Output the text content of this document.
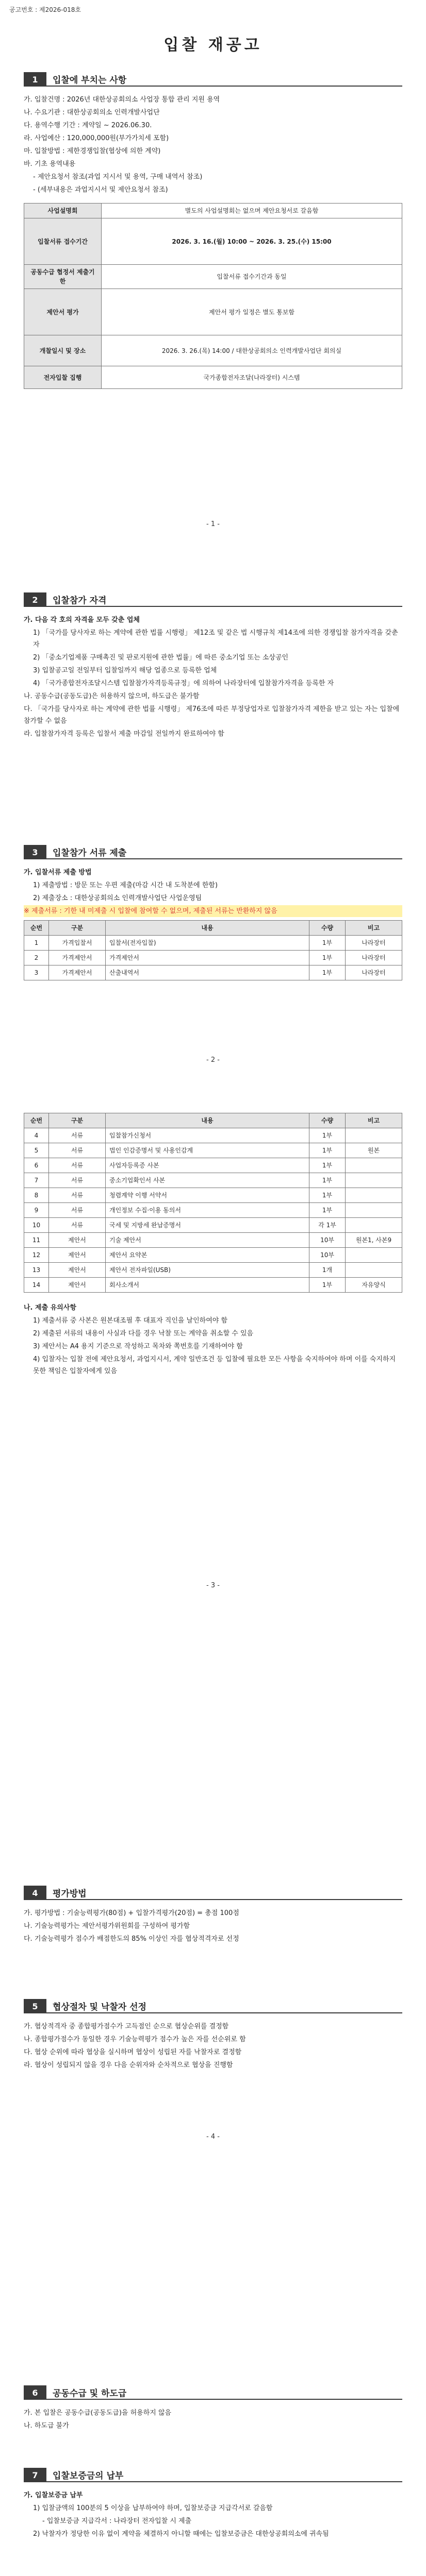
공고번호 : 제2026-018호
입찰 재공고
1	입찰에 부치는 사항
가. 입찰건명 : 2026년 대한상공회의소 사업장 통합 관리 지원 용역
나. 수요기관 : 대한상공회의소 인력개발사업단
다. 용역수행 기간 : 계약일 ~ 2026.06.30.
라. 사업예산 : 120,000,000원(부가가치세 포함)
마. 입찰방법 : 제한경쟁입찰(협상에 의한 계약)
바. 기초 용역내용
- 제안요청서 참조(과업 지시서 및 용역, 구매 내역서 참조)
- (세부내용은 과업지시서 및 제안요청서 참조)
사업설명회	별도의 사업설명회는 없으며 제안요청서로 갈음함
입찰서류 접수기간	2026. 3. 16.(월) 10:00 ~ 2026. 3. 25.(수) 15:00
공동수급 협정서 제출기한	입찰서류 접수기간과 동일
제안서 평가	제안서 평가 일정은 별도 통보함
개찰일시 및 장소	2026. 3. 26.(목) 14:00 / 대한상공회의소 인력개발사업단 회의실
전자입찰 집행	국가종합전자조달(나라장터) 시스템
- 1 -
2	입찰참가 자격
가. 다음 각 호의 자격을 모두 갖춘 업체
1) 「국가를 당사자로 하는 계약에 관한 법률 시행령」 제12조 및 같은 법 시행규칙 제14조에 의한 경쟁입찰 참가자격을 갖춘 자
2) 「중소기업제품 구매촉진 및 판로지원에 관한 법률」에 따른 중소기업 또는 소상공인
3) 입찰공고일 전일부터 입찰일까지 해당 업종으로 등록한 업체
4) 「국가종합전자조달시스템 입찰참가자격등록규정」에 의하여 나라장터에 입찰참가자격을 등록한 자
나. 공동수급(공동도급)은 허용하지 않으며, 하도급은 불가함
다. 「국가를 당사자로 하는 계약에 관한 법률 시행령」 제76조에 따른 부정당업자로 입찰참가자격 제한을 받고 있는 자는 입찰에 참가할 수 없음
라. 입찰참가자격 등록은 입찰서 제출 마감일 전일까지 완료하여야 함
3	입찰참가 서류 제출
가. 입찰서류 제출 방법
1) 제출방법 : 방문 또는 우편 제출(마감 시간 내 도착분에 한함)
2) 제출장소 : 대한상공회의소 인력개발사업단 사업운영팀
※ 제출서류 : 기한 내 미제출 시 입찰에 참여할 수 없으며, 제출된 서류는 반환하지 않음
순번	구분	내용	수량	비고
1	가격입찰서	입찰서(전자입찰)	1부	나라장터
2	가격제안서	가격제안서	1부	나라장터
3	가격제안서	산출내역서	1부	나라장터
- 2 -
순번	구분	내용	수량	비고
4	서류	입찰참가신청서	1부	
5	서류	법인 인감증명서 및 사용인감계	1부	원본
6	서류	사업자등록증 사본	1부	
7	서류	중소기업확인서 사본	1부	
8	서류	청렴계약 이행 서약서	1부	
9	서류	개인정보 수집·이용 동의서	1부	
10	서류	국세 및 지방세 완납증명서	각 1부	
11	제안서	기술 제안서	10부	원본1, 사본9
12	제안서	제안서 요약본	10부	
13	제안서	제안서 전자파일(USB)	1개	
14	제안서	회사소개서	1부	자유양식
나. 제출 유의사항
1) 제출서류 중 사본은 원본대조필 후 대표자 직인을 날인하여야 함
2) 제출된 서류의 내용이 사실과 다를 경우 낙찰 또는 계약을 취소할 수 있음
3) 제안서는 A4 용지 기준으로 작성하고 목차와 쪽번호를 기재하여야 함
4) 입찰자는 입찰 전에 제안요청서, 과업지시서, 계약 일반조건 등 입찰에 필요한 모든 사항을 숙지하여야 하며 이를 숙지하지 못한 책임은 입찰자에게 있음
- 3 -
4	평가방법
가. 평가방법 : 기술능력평가(80점) + 입찰가격평가(20점) = 총점 100점
나. 기술능력평가는 제안서평가위원회를 구성하여 평가함
다. 기술능력평가 점수가 배점한도의 85% 이상인 자를 협상적격자로 선정
5	협상절차 및 낙찰자 선정
가. 협상적격자 중 종합평가점수가 고득점인 순으로 협상순위를 결정함
나. 종합평가점수가 동일한 경우 기술능력평가 점수가 높은 자를 선순위로 함
다. 협상 순위에 따라 협상을 실시하며 협상이 성립된 자를 낙찰자로 결정함
라. 협상이 성립되지 않을 경우 다음 순위자와 순차적으로 협상을 진행함
- 4 -
6	공동수급 및 하도급
가. 본 입찰은 공동수급(공동도급)을 허용하지 않음
나. 하도급 불가
7	입찰보증금의 납부
가. 입찰보증금 납부
1) 입찰금액의 100분의 5 이상을 납부하여야 하며, 입찰보증금 지급각서로 갈음함
- 입찰보증금 지급각서 : 나라장터 전자입찰 시 제출
2) 낙찰자가 정당한 이유 없이 계약을 체결하지 아니할 때에는 입찰보증금은 대한상공회의소에 귀속됨
